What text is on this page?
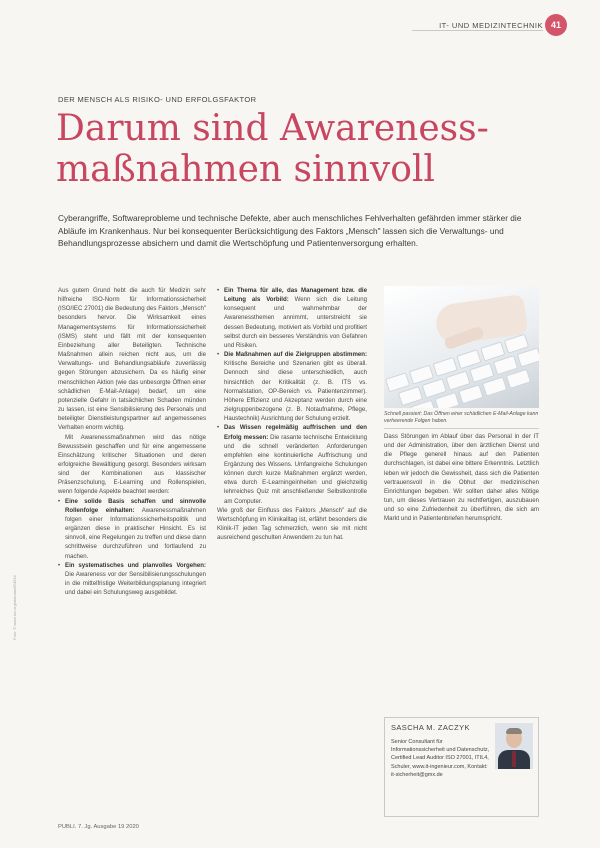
IT- UND MEDIZINTECHNIK 41
DER MENSCH ALS RISIKO- UND ERFOLGSFAKTOR
Darum sind Awareness-maßnahmen sinnvoll

Cyberangriffe, Softwareprobleme und technische Defekte, aber auch menschliches Fehlverhalten gefährden immer stärker die Abläufe im Krankenhaus. Nur bei konsequenter Berücksichtigung des Faktors „Mensch" lassen sich die Verwaltungs- und Behandlungsprozesse absichern und damit die Wertschöpfung und Patientenversorgung erhalten.

Aus gutem Grund hebt die auch für Medizin sehr hilfreiche ISO-Norm für Informationssicherheit (ISO/IEC 27001) die Bedeutung des Faktors „Mensch" besonders hervor. Die Wirksamkeit eines Managementsystems für Informationssicherheit (ISMS) steht und fällt mit der konsequenten Einbeziehung aller Beteiligten. Technische Maßnahmen allein reichen nicht aus, um die Verwaltungs- und Behandlungsabläufe zuverlässig gegen Störungen abzusichern. Da es häufig einer menschlichen Aktion (wie das unbesorgte Öffnen einer schädlichen E-Mail-Anlage) bedarf, um eine potenzielle Gefahr in tatsächlichen Schaden münden zu lassen, ist eine Sensibilisierung des Personals und beteiligter Dienstleistungspartner auf angemessenes Verhalten enorm wichtig.

Mit Awarenessmaßnahmen wird das nötige Bewusstsein geschaffen und für eine angemessene Einschätzung kritischer Situationen und deren erfolgreiche Bewältigung gesorgt. Besonders wirksam sind der Kombinationen aus klassischer Präsenzschulung, E-Learning und Rollenspielen, wenn folgende Aspekte beachtet werden:

• Eine solide Basis schaffen und sinnvolle Rollenfolge einhalten: Awarenessmaßnahmen folgen einer Informationssicherheitspolitik und ergänzen diese in praktischer Hinsicht. Es ist sinnvoll, eine Regelungen zu treffen und diese dann schrittweise durchzuführen und fortlaufend zu machen.
• Ein systematisches und planvolles Vorgehen: Die Awareness vor der Sensibilisierungsschulungen in die mittelfristige Weiterbildungsplanung integriert und dabei ein Schulungsweg ausgebildet.
• Ein Thema für alle, das Management bzw. die Leitung als Vorbild: Wenn sich die Leitung konsequent und wahrnehmbar der Awarenessthemen annimmt, unterstreicht sie dessen Bedeutung, motiviert als Vorbild und profitiert selbst durch ein besseres Verständnis von Gefahren und Risiken.
• Die Maßnahmen auf die Zielgruppen abstimmen: Kritische Bereiche und Szenarien gibt es überall. Dennoch sind diese unterschiedlich, auch hinsichtlich der Kritikalität (z. B. ITS vs. Normalstation, OP-Bereich vs. Patientenzimmer). Höhere Effizienz und Akzeptanz werden durch eine zielgruppenbezogene (z. B. Notaufnahme, Pflege, Haustechnik) Ausrichtung der Schulung erzielt.
• Das Wissen regelmäßig auffrischen und den Erfolg messen: Die rasante technische Entwicklung und die schnell veränderten Anforderungen empfehlen eine kontinuierliche Auffrischung und Ergänzung des Wissens. Umfangreiche Schulungen können durch kurze Maßnahmen ergänzt werden, etwa durch E-Learningeinheiten und gleichzeitig lehrreiches Quiz mit anschließender Selbstkontrolle am Computer.

Wie groß der Einfluss des Faktors „Mensch" auf die Wertschöpfung im Klinikalltag ist, erfährt besonders die Klinik-IT jeden Tag schmerzlich, wenn sie mit nicht ausreichend geschulten Anwendern zu tun hat.

Schnell passiert: Das Öffnen einer schädlichen E-Mail-Anlage kann verheerende Folgen haben.

Dass Störungen im Ablauf über das Personal in der IT und der Administration, über den ärztlichen Dienst und die Pflege generell hinaus auf den Patienten durchschlagen, ist dabei eine bittere Erkenntnis. Letztlich leben wir jedoch die Gewissheit, dass sich die Patienten vertrauensvoll in die Obhut der medizinischen Einrichtungen begeben. Wir sollten daher alles Nötige tun, um dieses Vertrauen zu rechtfertigen, auszubauen und so eine Zufriedenheit zu überführen, die sich am Markt und in Patientenbriefen herumspricht.

SASCHA M. ZACZYK
Senior Consultant für Informationssicherheit und Datenschutz, Certified Lead Auditor ISO 27001, ITIL4, Schuler, www.it-ingenieur.com, Kontakt: it-sicherheit@gmx.de
PUBLI. 7. Jg. Ausgabe 19 2020
Foto: © www.iso.org/standard/54534
